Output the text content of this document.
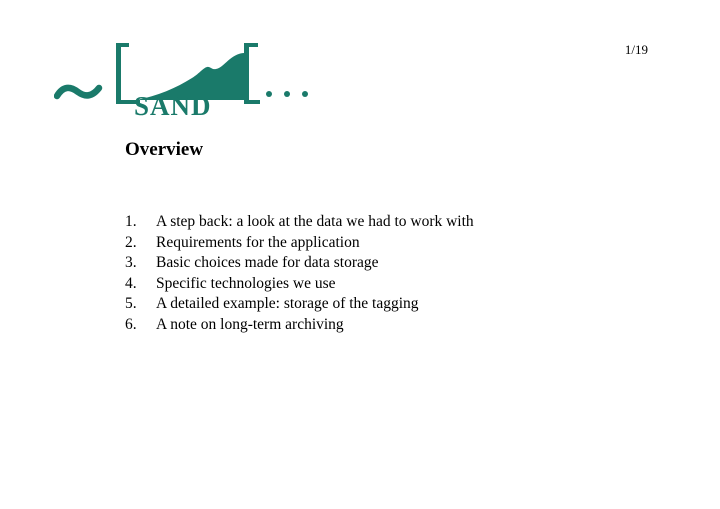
1/19
SAND
Overview
1.	A step back: a look at the data we had to work with
2.	Requirements for the application
3.	Basic choices made for data storage
4.	Specific technologies we use
5.	A detailed example: storage of the tagging
6.	A note on long-term archiving
